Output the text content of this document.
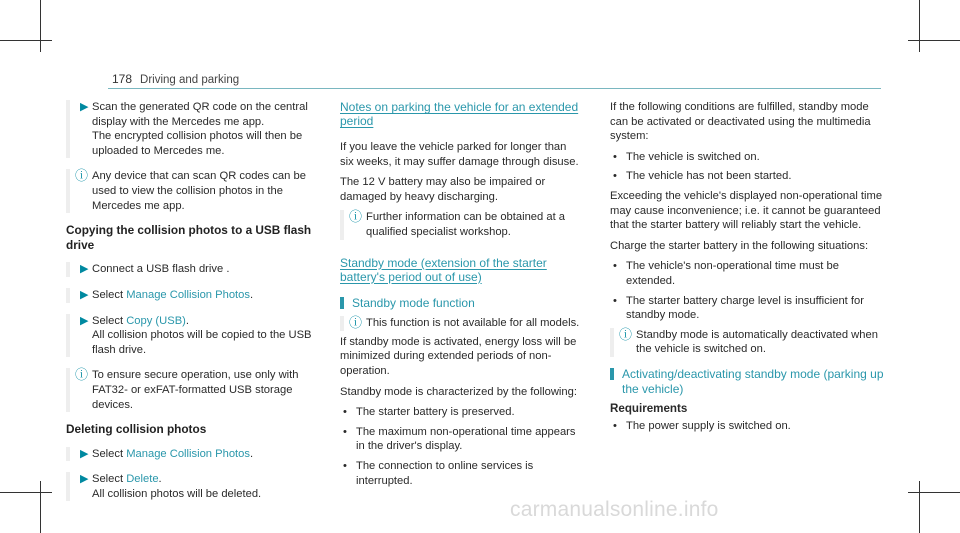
178 Driving and parking
▶ Scan the generated QR code on the central display with the Mercedes me app.
The encrypted collision photos will then be uploaded to Mercedes me.
ⓘ Any device that can scan QR codes can be used to view the collision photos in the Mercedes me app.
Copying the collision photos to a USB flash drive
▶ Connect a USB flash drive .
▶ Select Manage Collision Photos.
▶ Select Copy (USB).
All collision photos will be copied to the USB flash drive.
ⓘ To ensure secure operation, use only with FAT32- or exFAT-formatted USB storage devices.
Deleting collision photos
▶ Select Manage Collision Photos.
▶ Select Delete.
All collision photos will be deleted.
Notes on parking the vehicle for an extended period
If you leave the vehicle parked for longer than six weeks, it may suffer damage through disuse.
The 12 V battery may also be impaired or damaged by heavy discharging.
ⓘ Further information can be obtained at a qualified specialist workshop.
Standby mode (extension of the starter battery's period out of use)
Standby mode function
ⓘ This function is not available for all models.
If standby mode is activated, energy loss will be minimized during extended periods of non-operation.
Standby mode is characterized by the following:
• The starter battery is preserved.
• The maximum non-operational time appears in the driver's display.
• The connection to online services is interrupted.
If the following conditions are fulfilled, standby mode can be activated or deactivated using the multimedia system:
• The vehicle is switched on.
• The vehicle has not been started.
Exceeding the vehicle's displayed non-operational time may cause inconvenience; i.e. it cannot be guaranteed that the starter battery will reliably start the vehicle.
Charge the starter battery in the following situations:
• The vehicle's non-operational time must be extended.
• The starter battery charge level is insufficient for standby mode.
ⓘ Standby mode is automatically deactivated when the vehicle is switched on.
Activating/deactivating standby mode (parking up the vehicle)
Requirements
• The power supply is switched on.
carmanualsonline.info
